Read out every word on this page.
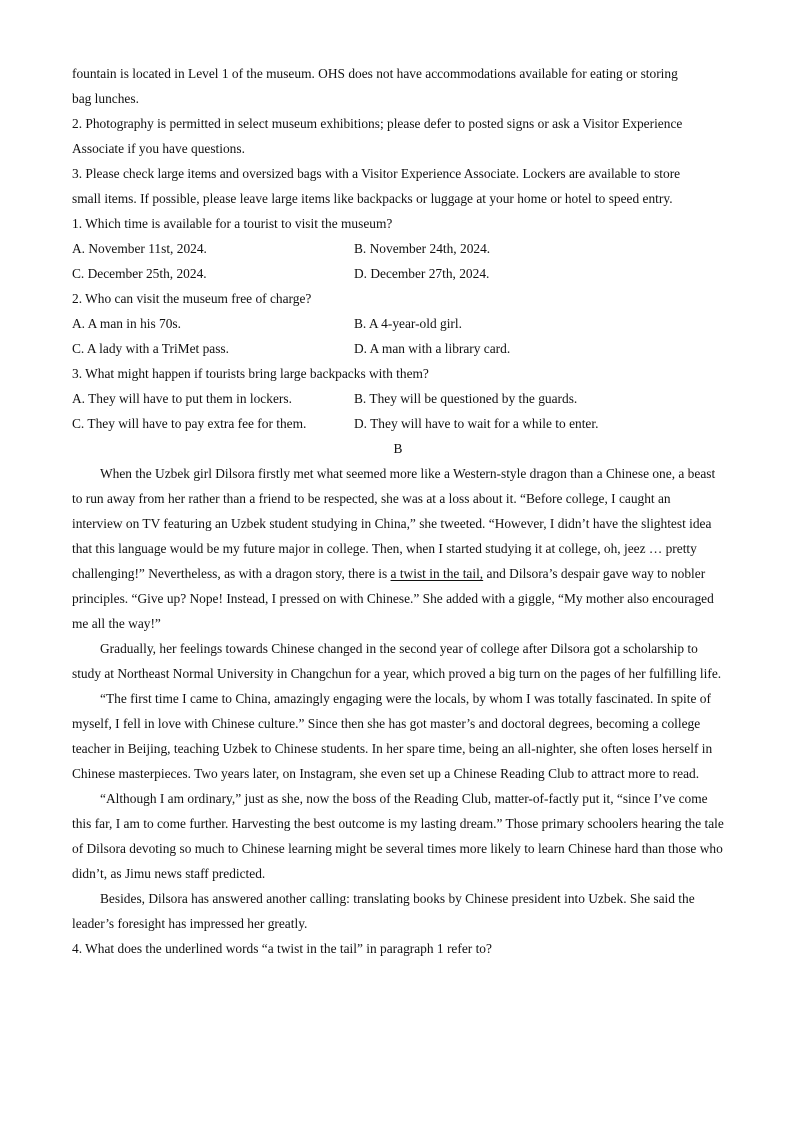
fountain is located in Level 1 of the museum. OHS does not have accommodations available for eating or storing

bag lunches.

2. Photography is permitted in select museum exhibitions; please defer to posted signs or ask a Visitor Experience

Associate if you have questions.

3. Please check large items and oversized bags with a Visitor Experience Associate. Lockers are available to store

small items. If possible, please leave large items like backpacks or luggage at your home or hotel to speed entry.

1. Which time is available for a tourist to visit the museum?

A. November 11st, 2024.	B. November 24th, 2024.
C. December 25th, 2024.	D. December 27th, 2024.

2. Who can visit the museum free of charge?

A. A man in his 70s.	B. A 4-year-old girl.
C. A lady with a TriMet pass.	D. A man with a library card.

3. What might happen if tourists bring large backpacks with them?

A. They will have to put them in lockers.	B. They will be questioned by the guards.
C. They will have to pay extra fee for them.	D. They will have to wait for a while to enter.

B

When the Uzbek girl Dilsora firstly met what seemed more like a Western-style dragon than a Chinese one, a beast to run away from her rather than a friend to be respected, she was at a loss about it. “Before college, I caught an interview on TV featuring an Uzbek student studying in China,” she tweeted. “However, I didn’t have the slightest idea that this language would be my future major in college. Then, when I started studying it at college, oh, jeez … pretty challenging!” Nevertheless, as with a dragon story, there is a twist in the tail, and Dilsora’s despair gave way to nobler principles. “Give up? Nope! Instead, I pressed on with Chinese.” She added with a giggle, “My mother also encouraged me all the way!”

Gradually, her feelings towards Chinese changed in the second year of college after Dilsora got a scholarship to study at Northeast Normal University in Changchun for a year, which proved a big turn on the pages of her fulfilling life.

“The first time I came to China, amazingly engaging were the locals, by whom I was totally fascinated. In spite of myself, I fell in love with Chinese culture.” Since then she has got master’s and doctoral degrees, becoming a college teacher in Beijing, teaching Uzbek to Chinese students. In her spare time, being an all-nighter, she often loses herself in Chinese masterpieces. Two years later, on Instagram, she even set up a Chinese Reading Club to attract more to read.

“Although I am ordinary,” just as she, now the boss of the Reading Club, matter-of-factly put it, “since I’ve come this far, I am to come further. Harvesting the best outcome is my lasting dream.” Those primary schoolers hearing the tale of Dilsora devoting so much to Chinese learning might be several times more likely to learn Chinese hard than those who didn’t, as Jimu news staff predicted.

Besides, Dilsora has answered another calling: translating books by Chinese president into Uzbek. She said the leader’s foresight has impressed her greatly.

4. What does the underlined words “a twist in the tail” in paragraph 1 refer to?
